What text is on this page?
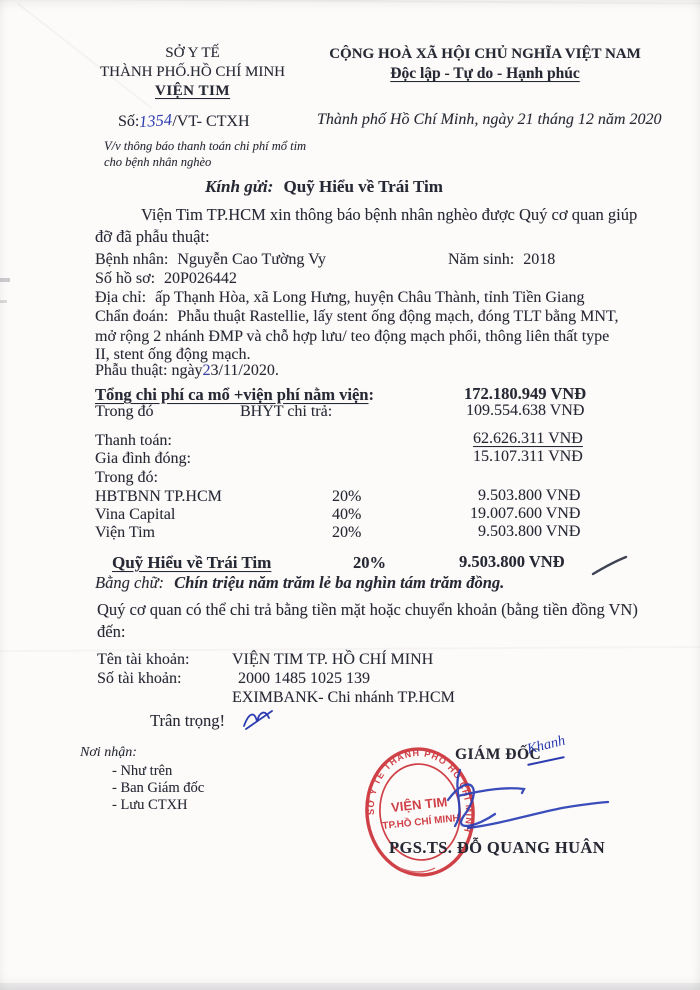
SỞ Y TẾ
THÀNH PHỐ.HỒ CHÍ MINH
VIỆN TIM
CỘNG HOÀ XÃ HỘI CHỦ NGHĨA VIỆT NAM
Độc lập - Tự do - Hạnh phúc
Số:1354/VT- CTXH	Thành phố Hồ Chí Minh, ngày 21 tháng 12 năm 2020
V/v thông báo thanh toán chi phí mổ tim
cho bệnh nhân nghèo
Kính gửi: Quỹ Hiểu về Trái Tim
Viện Tim TP.HCM xin thông báo bệnh nhân nghèo được Quý cơ quan giúp
đỡ đã phẫu thuật:
Bệnh nhân: Nguyễn Cao Tường Vy	Năm sinh: 2018
Số hồ sơ: 20P026442
Địa chỉ: ấp Thạnh Hòa, xã Long Hưng, huyện Châu Thành, tỉnh Tiền Giang
Chẩn đoán: Phẫu thuật Rastellie, lấy stent ống động mạch, đóng TLT bằng MNT,
mở rộng 2 nhánh ĐMP và chỗ hợp lưu/ teo động mạch phổi, thông liên thất type
II, stent ống động mạch.
Phẫu thuật: ngày23/11/2020.
Tổng chi phí ca mổ +viện phí nằm viện:	172.180.949 VNĐ
Trong đó	BHYT chi trả:	109.554.638 VNĐ
Thanh toán:	62.626.311 VNĐ
Gia đình đóng:	15.107.311 VNĐ
Trong đó:
HBTBNN TP.HCM	20%	9.503.800 VNĐ
Vina Capital	40%	19.007.600 VNĐ
Viện Tim	20%	9.503.800 VNĐ
Quỹ Hiểu về Trái Tim	20%	9.503.800 VNĐ
Bằng chữ: Chín triệu năm trăm lẻ ba nghìn tám trăm đồng.
Quý cơ quan có thể chi trả bằng tiền mặt hoặc chuyển khoản (bằng tiền đồng VN)
đến:
Tên tài khoản:	VIỆN TIM TP. HỒ CHÍ MINH
Số tài khoản:	2000 1485 1025 139
EXIMBANK- Chi nhánh TP.HCM
Trân trọng!
Nơi nhận:
- Như trên
- Ban Giám đốc
- Lưu CTXH
GIÁM ĐỐC
Khanh
SỞ Y TẾ THÀNH PHỐ HỒ CHÍ MINH
VIỆN TIM
TP.HỒ CHÍ MINH
PGS.TS. ĐỖ QUANG HUÂN
